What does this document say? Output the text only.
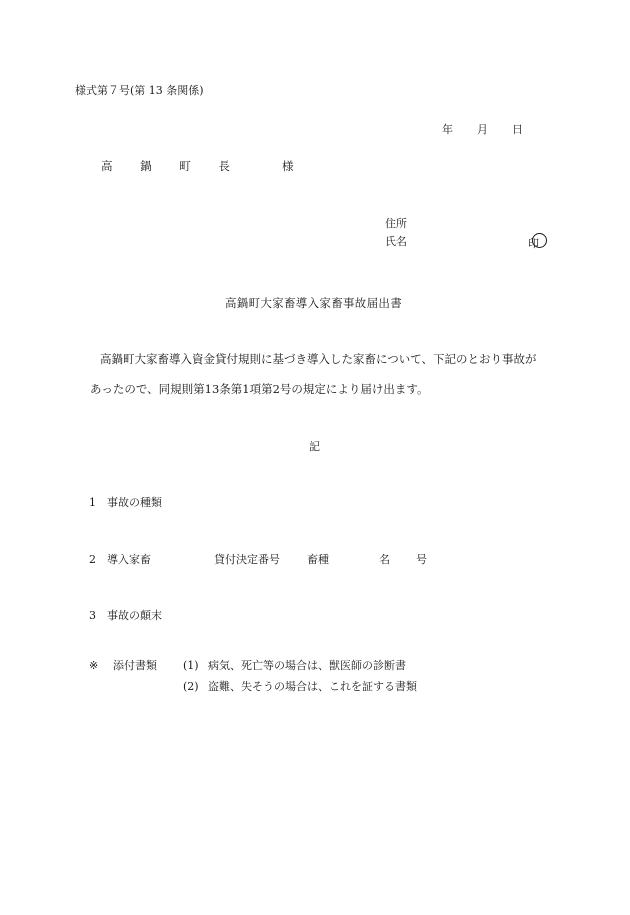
様式第７号(第 13 条関係)
年 月 日
高 鍋 町 長	様
住所
氏名	印
高鍋町大家畜導入家畜事故届出書
高鍋町大家畜導入資金貸付規則に基づき導入した家畜について、下記のとおり事故が
あったので、同規則第13条第1項第2号の規定により届け出ます。
記
1 事故の種類
2 導入家畜	貸付決定番号 畜種	名 号
3 事故の顛末
※ 添付書類 (1) 病気、死亡等の場合は、獣医師の診断書
(2) 盗難、失そうの場合は、これを証する書類
